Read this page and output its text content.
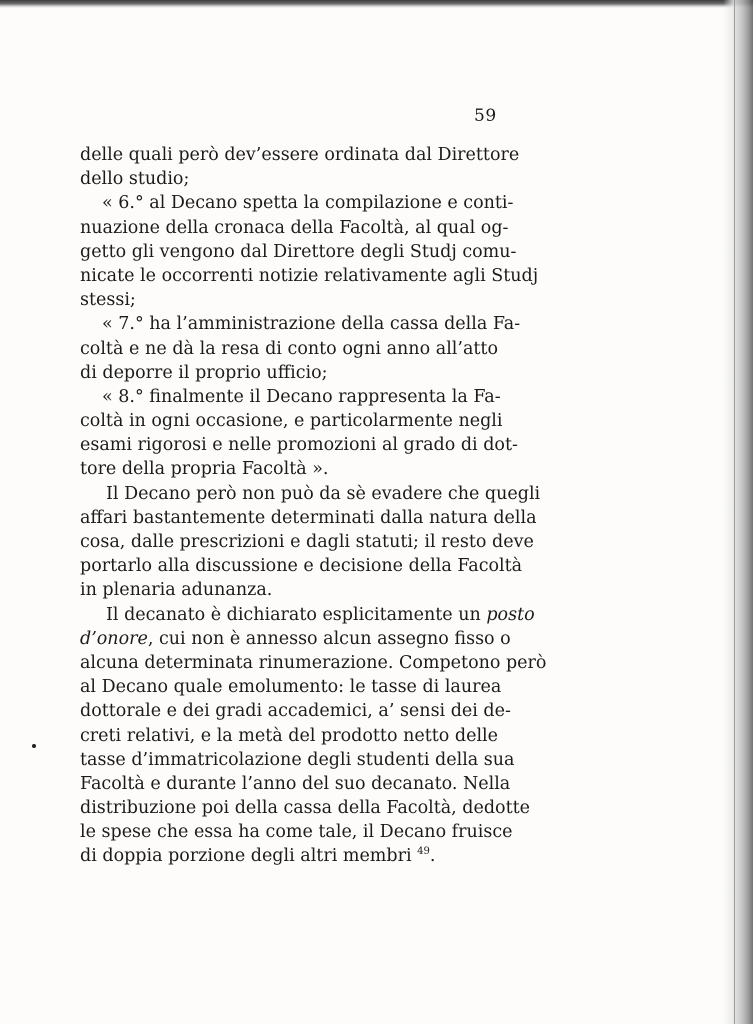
59
delle quali però dev’essere ordinata dal Direttore
dello studio;
« 6.° al Decano spetta la compilazione e conti-
nuazione della cronaca della Facoltà, al qual og-
getto gli vengono dal Direttore degli Studj comu-
nicate le occorrenti notizie relativamente agli Studj
stessi;
« 7.° ha l’amministrazione della cassa della Fa-
coltà e ne dà la resa di conto ogni anno all’atto
di deporre il proprio ufficio;
« 8.° finalmente il Decano rappresenta la Fa-
coltà in ogni occasione, e particolarmente negli
esami rigorosi e nelle promozioni al grado di dot-
tore della propria Facoltà ».
Il Decano però non può da sè evadere che quegli
affari bastantemente determinati dalla natura della
cosa, dalle prescrizioni e dagli statuti; il resto deve
portarlo alla discussione e decisione della Facoltà
in plenaria adunanza.
Il decanato è dichiarato esplicitamente un posto
d’onore, cui non è annesso alcun assegno fisso o
alcuna determinata rinumerazione. Competono però
al Decano quale emolumento: le tasse di laurea
dottorale e dei gradi accademici, a’ sensi dei de-
creti relativi, e la metà del prodotto netto delle
tasse d’immatricolazione degli studenti della sua
Facoltà e durante l’anno del suo decanato. Nella
distribuzione poi della cassa della Facoltà, dedotte
le spese che essa ha come tale, il Decano fruisce
di doppia porzione degli altri membri $^{49}$.
